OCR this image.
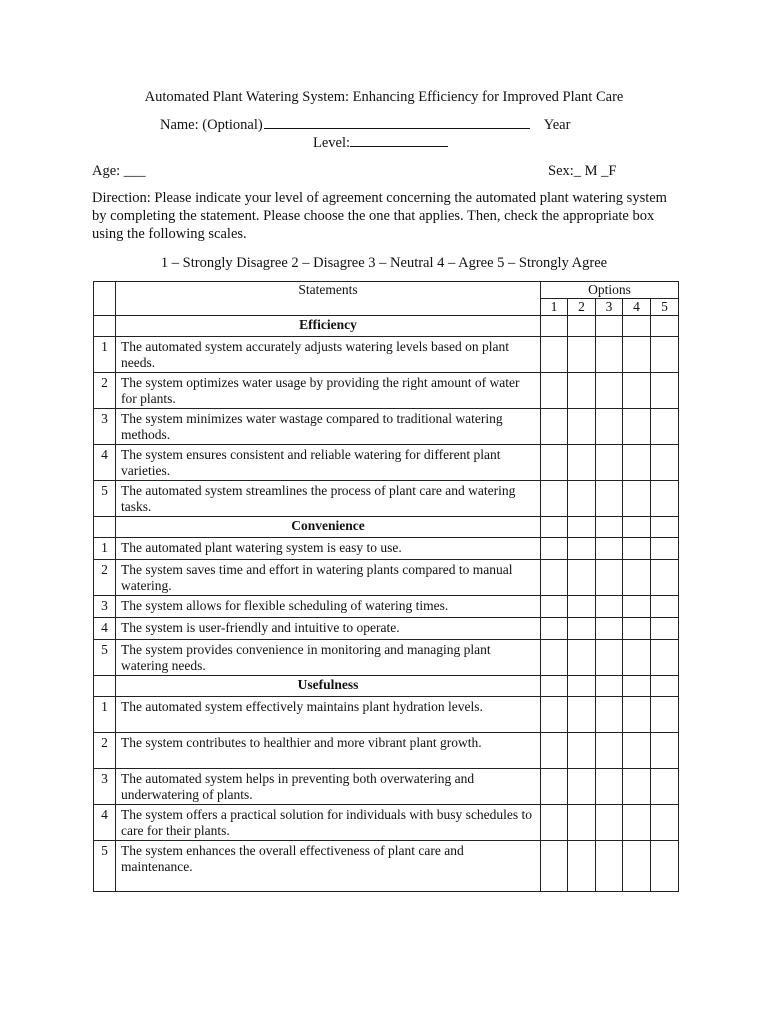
Automated Plant Watering System: Enhancing Efficiency for Improved Plant Care
Name: (Optional)	Year
Level:
Age: ___	Sex:_ M _F
Direction: Please indicate your level of agreement concerning the automated plant watering system by completing the statement. Please choose the one that applies. Then, check the appropriate box using the following scales.
1 – Strongly Disagree 2 – Disagree 3 – Neutral 4 – Agree 5 – Strongly Agree
	Statements	Options				
		1	2	3	4	5
	Efficiency					
1	The automated system accurately adjusts watering levels based on plant needs.					
2	The system optimizes water usage by providing the right amount of water for plants.					
3	The system minimizes water wastage compared to traditional watering methods.					
4	The system ensures consistent and reliable watering for different plant varieties.					
5	The automated system streamlines the process of plant care and watering tasks.					
	Convenience					
1	The automated plant watering system is easy to use.					
2	The system saves time and effort in watering plants compared to manual watering.					
3	The system allows for flexible scheduling of watering times.					
4	The system is user-friendly and intuitive to operate.					
5	The system provides convenience in monitoring and managing plant watering needs.					
	Usefulness					
1	The automated system effectively maintains plant hydration levels.					
2	The system contributes to healthier and more vibrant plant growth.					
3	The automated system helps in preventing both overwatering and underwatering of plants.					
4	The system offers a practical solution for individuals with busy schedules to care for their plants.					
5	The system enhances the overall effectiveness of plant care and maintenance.					
